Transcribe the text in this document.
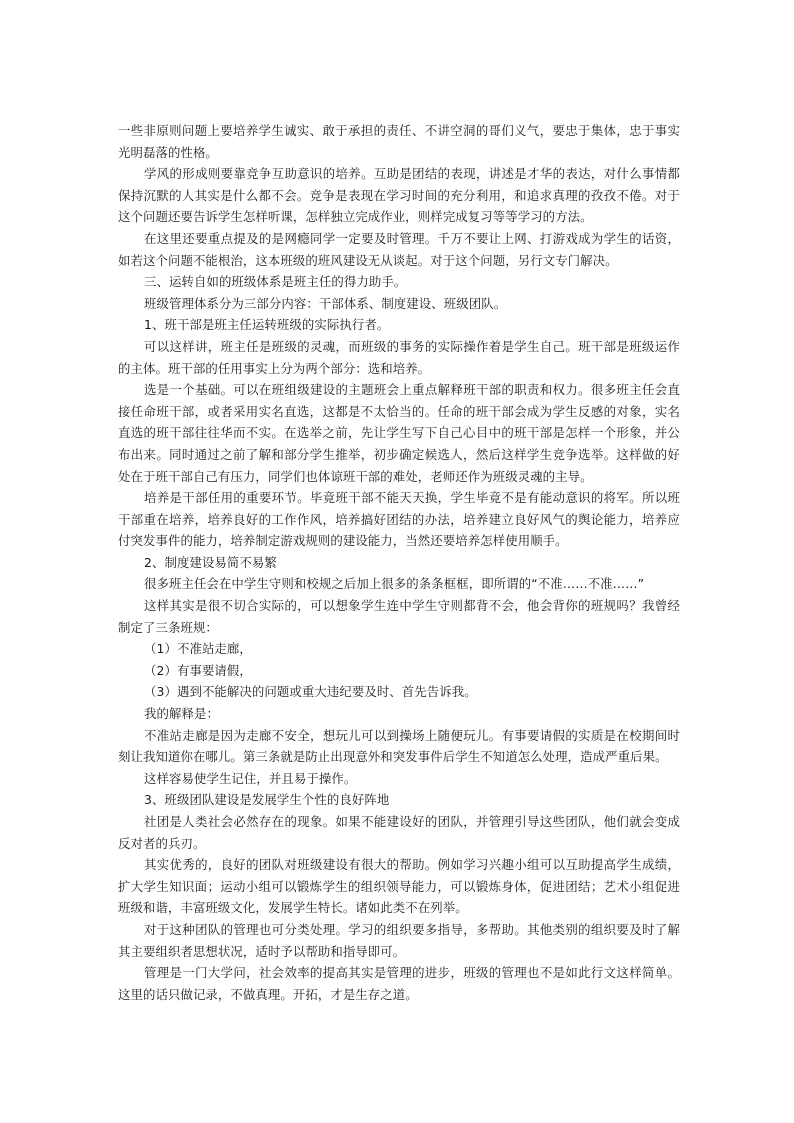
一些非原则问题上要培养学生诚实、敢于承担的责任、不讲空洞的哥们义气，要忠于集体，忠于事实光明磊落的性格。

学风的形成则要靠竞争互助意识的培养。互助是团结的表现，讲述是才华的表达，对什么事情都保持沉默的人其实是什么都不会。竞争是表现在学习时间的充分利用，和追求真理的孜孜不倦。对于这个问题还要告诉学生怎样听课，怎样独立完成作业，则样完成复习等等学习的方法。

在这里还要重点提及的是网瘾同学一定要及时管理。千万不要让上网、打游戏成为学生的话资，如若这个问题不能根治，这本班级的班风建设无从谈起。对于这个问题，另行文专门解决。

三、运转自如的班级体系是班主任的得力助手。

班级管理体系分为三部分内容：干部体系、制度建设、班级团队。

1、班干部是班主任运转班级的实际执行者。

可以这样讲，班主任是班级的灵魂，而班级的事务的实际操作着是学生自己。班干部是班级运作的主体。班干部的任用事实上分为两个部分：选和培养。

选是一个基础。可以在班组级建设的主题班会上重点解释班干部的职责和权力。很多班主任会直接任命班干部，或者采用实名直选，这都是不太恰当的。任命的班干部会成为学生反感的对象，实名直选的班干部往往华而不实。在选举之前，先让学生写下自己心目中的班干部是怎样一个形象，并公布出来。同时通过之前了解和部分学生推举，初步确定候选人，然后这样学生竞争选举。这样做的好处在于班干部自己有压力，同学们也体谅班干部的难处，老师还作为班级灵魂的主导。

培养是干部任用的重要环节。毕竟班干部不能天天换，学生毕竟不是有能动意识的将军。所以班干部重在培养，培养良好的工作作风，培养搞好团结的办法，培养建立良好风气的舆论能力，培养应付突发事件的能力，培养制定游戏规则的建设能力，当然还要培养怎样使用顺手。

2、制度建设易简不易繁

很多班主任会在中学生守则和校规之后加上很多的条条框框，即所谓的“不准……不准……”

这样其实是很不切合实际的，可以想象学生连中学生守则都背不会，他会背你的班规吗？我曾经制定了三条班规：

（1）不准站走廊，

（2）有事要请假，

（3）遇到不能解决的问题或重大违纪要及时、首先告诉我。

我的解释是：

不准站走廊是因为走廊不安全，想玩儿可以到操场上随便玩儿。有事要请假的实质是在校期间时刻让我知道你在哪儿。第三条就是防止出现意外和突发事件后学生不知道怎么处理，造成严重后果。

这样容易使学生记住，并且易于操作。

3、班级团队建设是发展学生个性的良好阵地

社团是人类社会必然存在的现象。如果不能建设好的团队，并管理引导这些团队，他们就会变成反对者的兵刃。

其实优秀的，良好的团队对班级建设有很大的帮助。例如学习兴趣小组可以互助提高学生成绩，扩大学生知识面；运动小组可以锻炼学生的组织领导能力，可以锻炼身体，促进团结；艺术小组促进班级和谐，丰富班级文化，发展学生特长。诸如此类不在列举。

对于这种团队的管理也可分类处理。学习的组织要多指导，多帮助。其他类别的组织要及时了解其主要组织者思想状况，适时予以帮助和指导即可。

管理是一门大学问，社会效率的提高其实是管理的进步，班级的管理也不是如此行文这样简单。这里的话只做记录，不做真理。开拓，才是生存之道。
